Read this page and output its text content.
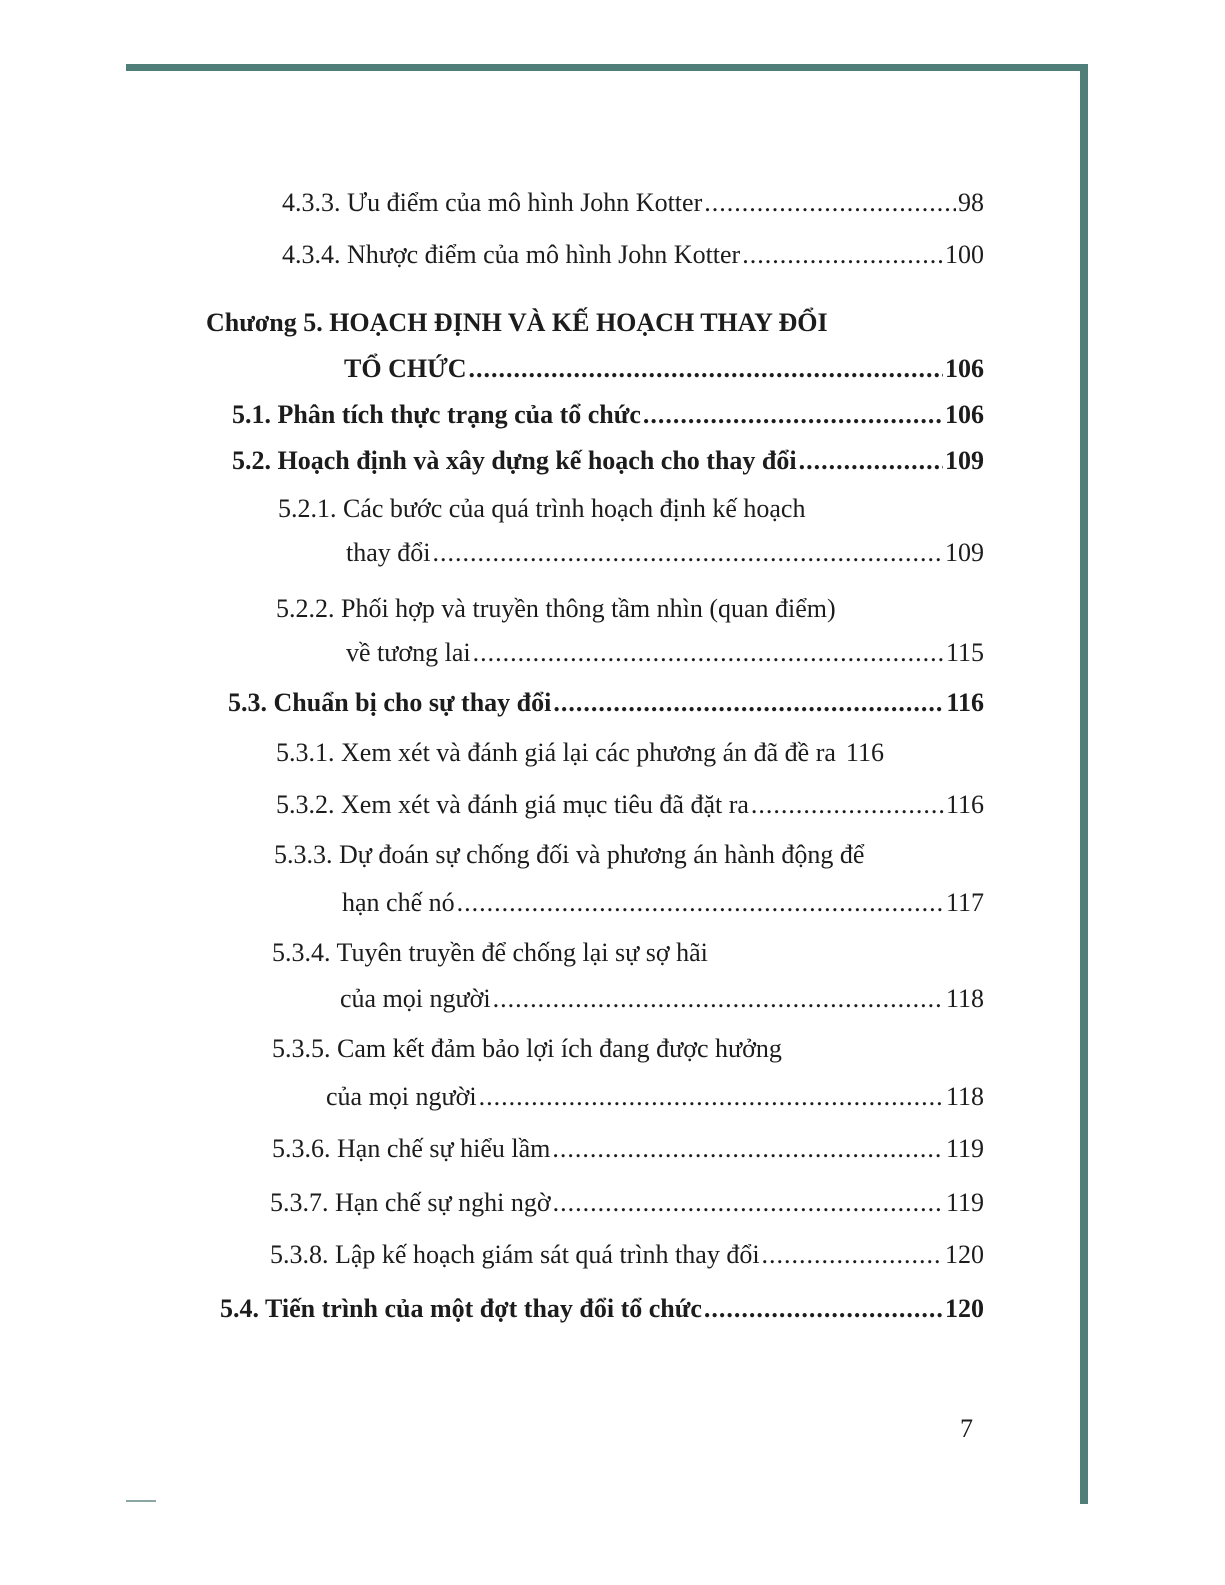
4.3.3. Ưu điểm của mô hình John Kotter .....	98
4.3.4. Nhược điểm của mô hình John Kotter .....	100
Chương 5. HOẠCH ĐỊNH VÀ KẾ HOẠCH THAY ĐỔI
TỔ CHỨC .....	106
5.1. Phân tích thực trạng của tổ chức .....	106
5.2. Hoạch định và xây dựng kế hoạch cho thay đổi .....	109
5.2.1. Các bước của quá trình hoạch định kế hoạch
thay đổi .....	109
5.2.2. Phối hợp và truyền thông tầm nhìn (quan điểm)
về tương lai .....	115
5.3. Chuẩn bị cho sự thay đổi .....	116
5.3.1. Xem xét và đánh giá lại các phương án đã đề ra 116
5.3.2. Xem xét và đánh giá mục tiêu đã đặt ra .....	116
5.3.3. Dự đoán sự chống đối và phương án hành động để
hạn chế nó .....	117
5.3.4. Tuyên truyền để chống lại sự sợ hãi
của mọi người .....	118
5.3.5. Cam kết đảm bảo lợi ích đang được hưởng
của mọi người .....	118
5.3.6. Hạn chế sự hiểu lầm .....	119
5.3.7. Hạn chế sự nghi ngờ .....	119
5.3.8. Lập kế hoạch giám sát quá trình thay đổi .....	120
5.4. Tiến trình của một đợt thay đổi tổ chức .....	120
7
